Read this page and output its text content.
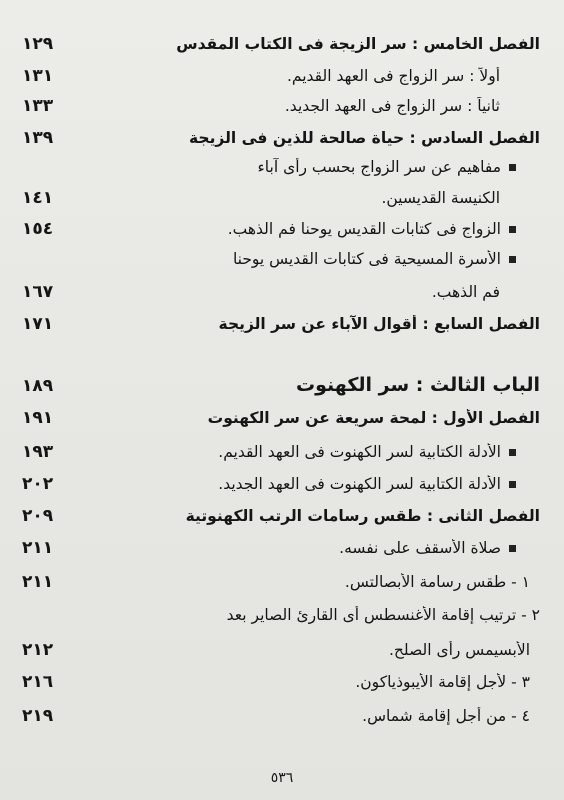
١٢٩	الفصل الخامس : سر الزيجة فى الكتاب المقدس
١٣١	أولاً : سر الزواج فى العهد القديم.
١٣٣	ثانياً : سر الزواج فى العهد الجديد.
١٣٩	الفصل السادس : حياة صالحة للذين فى الزيجة
مفاهيم عن سر الزواج بحسب رأى آباء
١٤١	الكنيسة القديسين.
١٥٤	الزواج فى كتابات القديس يوحنا فم الذهب.
الأسرة المسيحية فى كتابات القديس يوحنا
١٦٧	فم الذهب.
١٧١	الفصل السابع : أقوال الآباء عن سر الزيجة
١٨٩	الباب الثالث : سر الكهنوت
١٩١	الفصل الأول : لمحة سريعة عن سر الكهنوت
١٩٣	الأدلة الكتابية لسر الكهنوت فى العهد القديم.
٢٠٢	الأدلة الكتابية لسر الكهنوت فى العهد الجديد.
٢٠٩	الفصل الثانى : طقس رسامات الرتب الكهنوتية
٢١١	صلاة الأسقف على نفسه.
٢١١	١ - طقس رسامة الأبصالتس.
٢ - ترتيب إقامة الأغنسطس أى القارئ الصاير بعد
٢١٢	الأبسيمس رأى الصلح.
٢١٦	٣ - لأجل إقامة الأيبوذياكون.
٢١٩	٤ - من أجل إقامة شماس.
٥٣٦
